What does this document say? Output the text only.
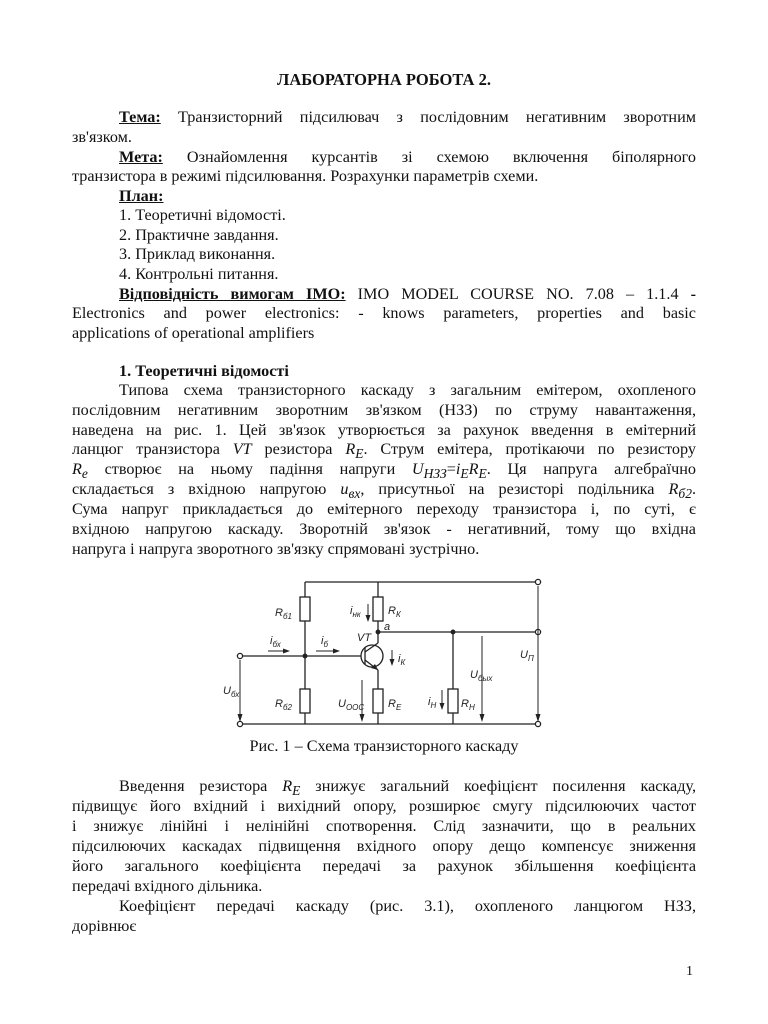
ЛАБОРАТОРНА РОБОТА 2.
Тема: Транзисторний підсилювач з послідовним негативним зворотним
зв'язком.
Мета: Ознайомлення курсантів зі схемою включення біполярного
транзистора в режимі підсилювання. Розрахунки параметрів схеми.
План:
1. Теоретичні відомості.
2. Практичне завдання.
3. Приклад виконання.
4. Контрольні питання.
Відповідність вимогам ІМО: IMO MODEL COURSE NO. 7.08 – 1.1.4 -
Electronics and power electronics: - knows parameters, properties and basic
applications of operational amplifiers
1. Теоретичні відомості
Типова схема транзисторного каскаду з загальним емітером, охопленого
послідовним негативним зворотним зв'язком (НЗЗ) по струму навантаження,
наведена на рис. 1. Цей зв'язок утворюється за рахунок введення в емітерний
ланцюг транзистора VT резистора $R_E$. Струм емітера, протікаючи по резистору
$R_e$ створює на ньому падіння напруги $U_{НЗЗ}=i_ER_E$. Ця напруга алгебраїчно
складається з вхідною напругою $u_{вх}$, присутньої на резисторі подільника $R_{б2}$.
Сума напруг прикладається до емітерного переходу транзистора і, по суті, є
вхідною напругою каскаду. Зворотній зв'язок - негативний, тому що вхідна
напруга і напруга зворотного зв'язку спрямовані зустрічно.
$R_{б1}$
$R_{б2}$
$R_К$
$R_Е$	$R_Н$
VT
a
$i_{нк}$
$i_{бх}$	$i_б$
$i_К$
$i_Н$
$U_{бх}$
$U_{ООС}$
$U_{бых}$
$U_П$
Рис. 1 – Схема транзисторного каскаду
Введення резистора $R_E$ знижує загальний коефіцієнт посилення каскаду,
підвищує його вхідний і вихідний опору, розширює смугу підсилюючих частот
і знижує лінійні і нелінійні спотворення. Слід зазначити, що в реальних
підсилюючих каскадах підвищення вхідного опору дещо компенсує зниження
його загального коефіцієнта передачі за рахунок збільшення коефіцієнта
передачі вхідного дільника.
Коефіцієнт передачі каскаду (рис. 3.1), охопленого ланцюгом НЗЗ,
дорівнює
1
